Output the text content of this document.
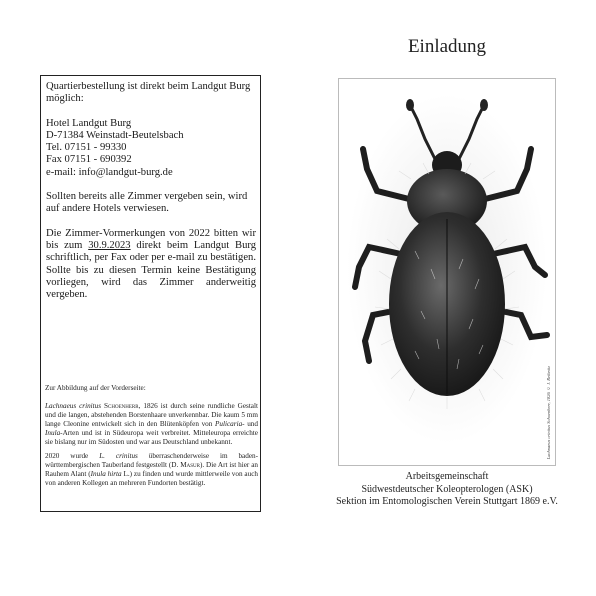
Einladung

Quartierbestellung ist direkt beim Landgut Burg möglich:

Hotel Landgut Burg

D-71384 Weinstadt-Beutelsbach

Tel. 07151 - 99330

Fax 07151 - 690392

e-mail: info@landgut-burg.de

Sollten bereits alle Zimmer vergeben sein, wird auf andere Hotels verwiesen.

Die Zimmer-Vormerkungen von 2022 bitten wir bis zum 30.9.2023 direkt beim Landgut Burg schriftlich, per Fax oder per e-mail zu bestätigen. Sollte bis zu diesen Termin keine Bestätigung vorliegen, wird das Zimmer anderweitig vergeben.

Zur Abbildung auf der Vorderseite:

Lachnaeus crinitus Schoenherr, 1826 ist durch seine rundliche Gestalt und die langen, abstehenden Borstenhaare unverkennbar. Die kaum 5 mm lange Cleonine entwickelt sich in den Blütenköpfen von Pulicaria- und Inula-Arten und ist in Südeuropa weit verbreitet. Mitteleuropa erreichte sie bislang nur im Südosten und war aus Deutschland unbekannt.

2020 wurde L. crinitus überraschenderweise im baden-württembergischen Tauberland festgestellt (D. Masur). Die Art ist hier an Rauhem Alant (Inula hirta L.) zu finden und wurde mittlerweile von auch von anderen Kollegen an mehreren Fundorten bestätigt.

Lachnaeus crinitus Schoenherr, 1826 © J. Reibnitz
Arbeitsgemeinschaft
Südwestdeutscher Koleopterologen (ASK)
Sektion im Entomologischen Verein Stuttgart 1869 e.V.
